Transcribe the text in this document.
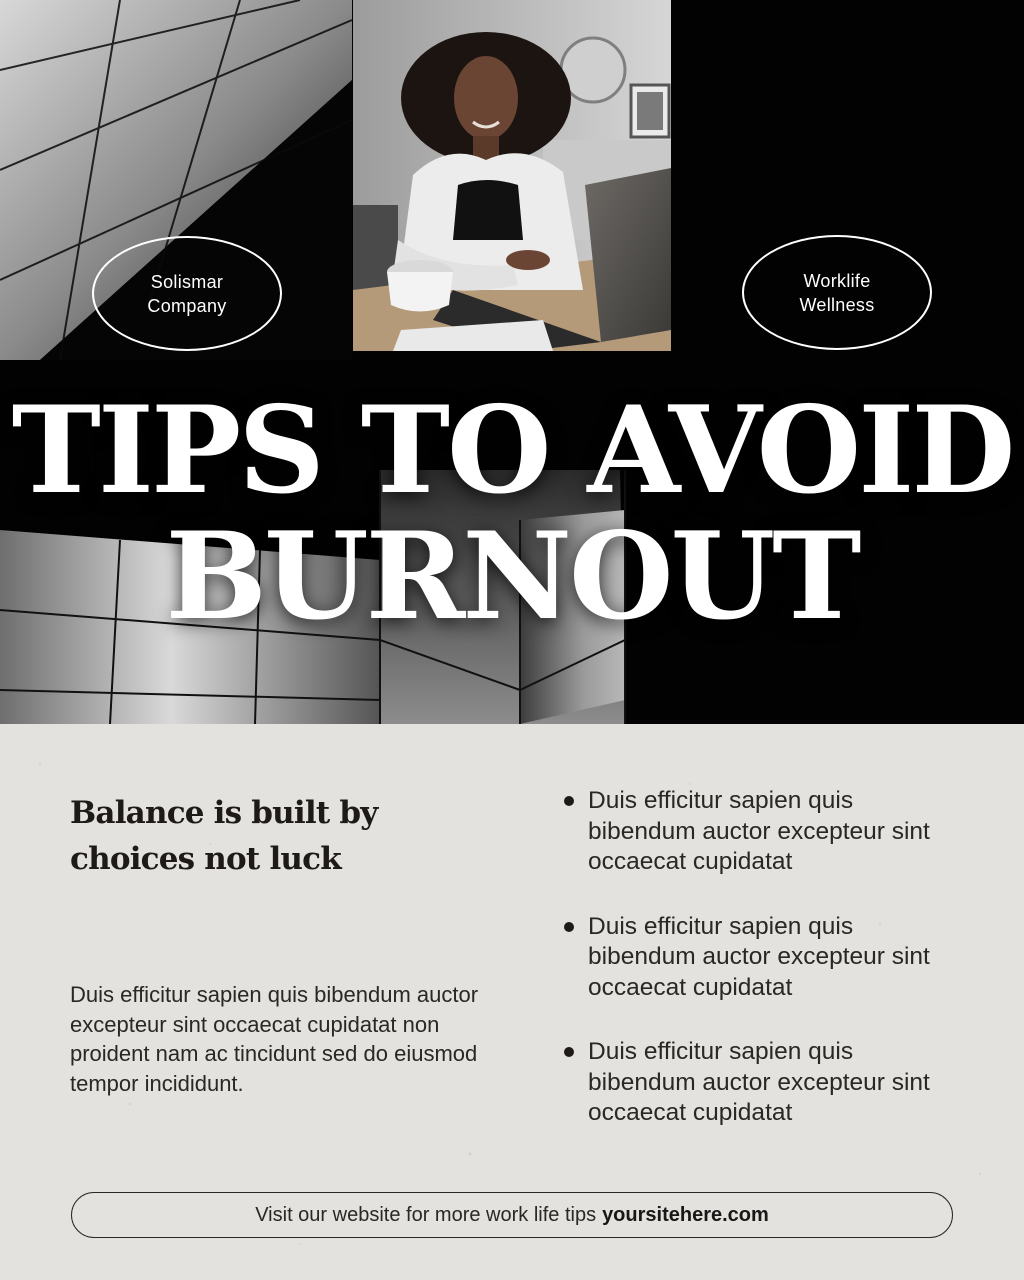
Solismar
Company
Worklife
Wellness
TIPS TO AVOID
BURNOUT
Balance is built by
choices not luck
Duis efficitur sapien quis bibendum auctor excepteur sint occaecat cupidatat non proident nam ac tincidunt sed do eiusmod tempor incididunt.
Duis efficitur sapien quis bibendum auctor excepteur sint occaecat cupidatat
Duis efficitur sapien quis bibendum auctor excepteur sint occaecat cupidatat
Duis efficitur sapien quis bibendum auctor excepteur sint occaecat cupidatat
Visit our website for more work life tips yoursitehere.com
